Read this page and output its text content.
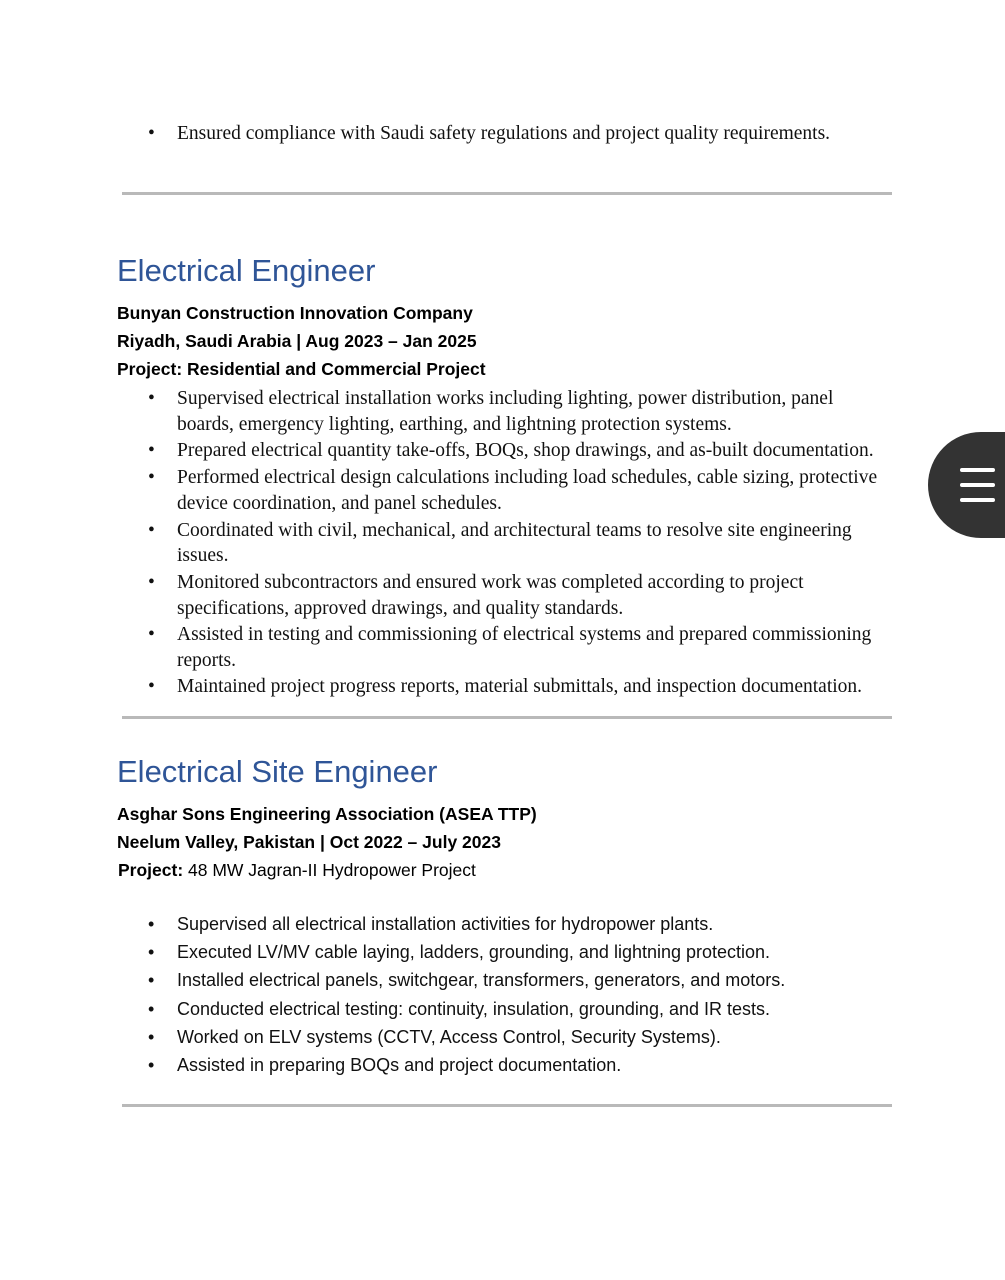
• Ensured compliance with Saudi safety regulations and project quality requirements.
Electrical Engineer

Bunyan Construction Innovation Company

Riyadh, Saudi Arabia | Aug 2023 – Jan 2025

Project: Residential and Commercial Project

• Supervised electrical installation works including lighting, power distribution, panel
boards, emergency lighting, earthing, and lightning protection systems.
• Prepared electrical quantity take-offs, BOQs, shop drawings, and as-built documentation.
• Performed electrical design calculations including load schedules, cable sizing, protective
device coordination, and panel schedules.
• Coordinated with civil, mechanical, and architectural teams to resolve site engineering
issues.
• Monitored subcontractors and ensured work was completed according to project
specifications, approved drawings, and quality standards.
• Assisted in testing and commissioning of electrical systems and prepared commissioning
reports.
• Maintained project progress reports, material submittals, and inspection documentation.
Electrical Site Engineer

Asghar Sons Engineering Association (ASEA TTP)

Neelum Valley, Pakistan | Oct 2022 – July 2023

Project: 48 MW Jagran-II Hydropower Project

• Supervised all electrical installation activities for hydropower plants.
• Executed LV/MV cable laying, ladders, grounding, and lightning protection.
• Installed electrical panels, switchgear, transformers, generators, and motors.
• Conducted electrical testing: continuity, insulation, grounding, and IR tests.
• Worked on ELV systems (CCTV, Access Control, Security Systems).
• Assisted in preparing BOQs and project documentation.
